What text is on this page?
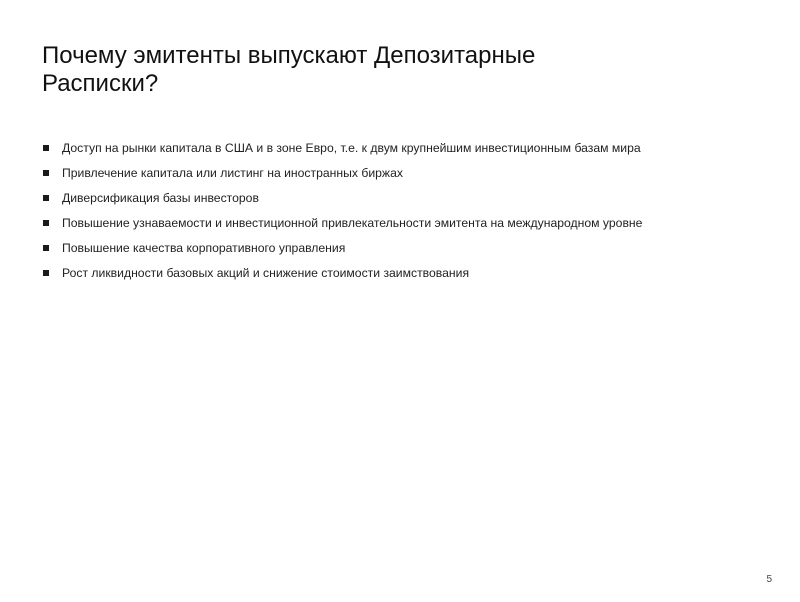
Почему эмитенты выпускают Депозитарные
Расписки?
Доступ на рынки капитала в США и в зоне Евро, т.е. к двум крупнейшим инвестиционным базам мира
Привлечение капитала или листинг на иностранных биржах
Диверсификация базы инвесторов
Повышение узнаваемости и инвестиционной привлекательности эмитента на международном уровне
Повышение качества корпоративного управления
Рост ликвидности базовых акций и снижение стоимости заимствования
5
